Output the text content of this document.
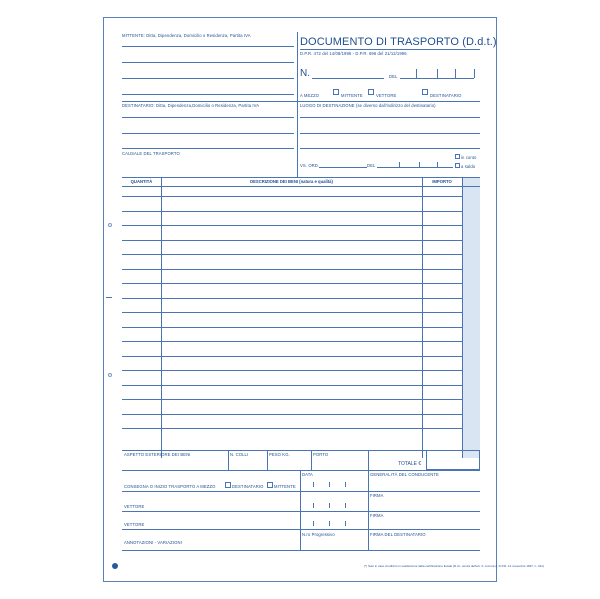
MITTENTE: Ditta, Dipendenza, Domicilio o Residenza, Partita IVA
DOCUMENTO DI TRASPORTO (D.d.t.)
D.P.R. 472 del 14/08/1996 - D.P.R. 696 del 21/12/1996
N.	DEL
A MEZZO	MITTENTE	VETTORE	DESTINATARIO
DESTINATARIO: Ditta, Dipendenza,Domicilio o Residenza, Partita IVA	LUOGO DI DESTINAZIONE (se diverso dall'indirizzo del destinatario)
CAUSALE DEL TRASPORTO
VS. ORD.	DEL
in conto
a saldo
QUANTITÀ	DESCRIZIONE DEI BENI (natura e qualità)	IMPORTO
ASPETTO ESTERIORE DEI BENI	N. COLLI	PESO KG.	PORTO
TOTALE €
DATA	GENERALITÀ DEL CONDUCENTE
CONSEGNA O INIZIO TRASPORTO A MEZZO	DESTINATARIO MITTENTE
VETTORE
FIRMA
VETTORE
FIRMA
ANNOTAZIONI - VARIAZIONI
N.ro Progressivo	FIRMA DEL DESTINATARIO
(*) Solo in caso di utilizzo in sostituzione della certificazione fiscale (D.d.t. senza dell'art. 3, comma 2, D.P.R. 14 novembre 1997, n. 441)
